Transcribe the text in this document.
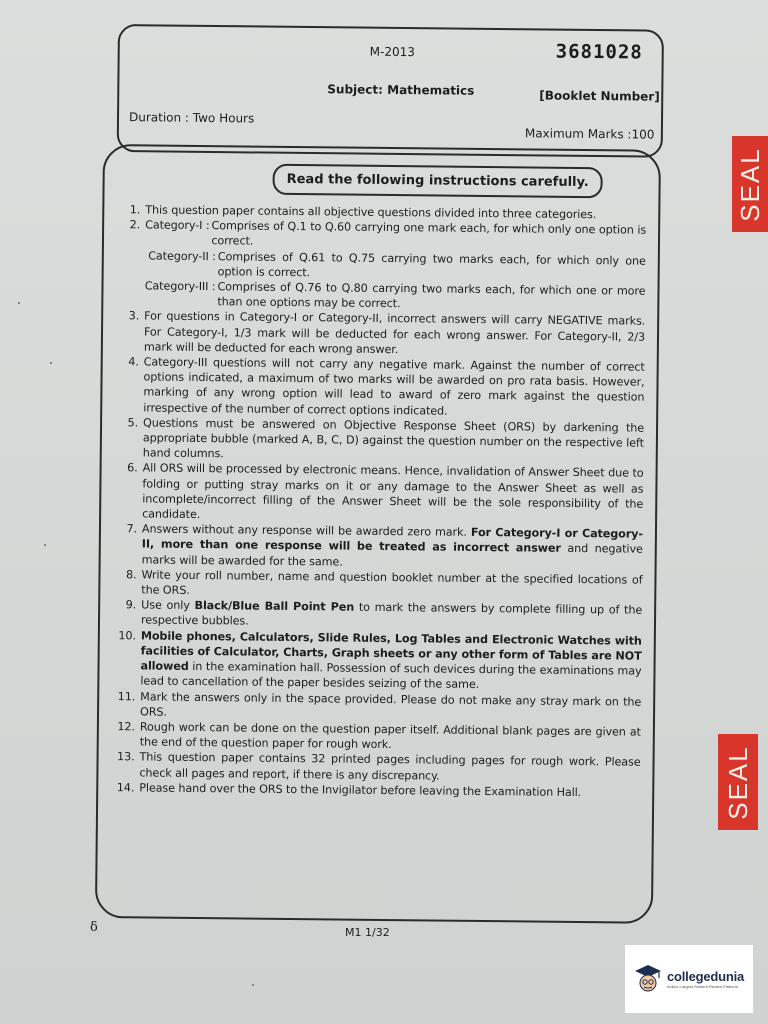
M-2013	3681028
Subject: Mathematics	[Booklet Number]
Duration : Two Hours
Maximum Marks :100
Read the following instructions carefully.
1. This question paper contains all objective questions divided into three categories.
2. Category-I : Comprises of Q.1 to Q.60 carrying one mark each, for which only one option is correct.
Category-II : Comprises of Q.61 to Q.75 carrying two marks each, for which only one option is correct.
Category-III : Comprises of Q.76 to Q.80 carrying two marks each, for which one or more than one options may be correct.
3. For questions in Category-I or Category-II, incorrect answers will carry NEGATIVE marks. For Category-I, 1/3 mark will be deducted for each wrong answer. For Category-II, 2/3 mark will be deducted for each wrong answer.
4. Category-III questions will not carry any negative mark. Against the number of correct options indicated, a maximum of two marks will be awarded on pro rata basis. However, marking of any wrong option will lead to award of zero mark against the question irrespective of the number of correct options indicated.
5. Questions must be answered on Objective Response Sheet (ORS) by darkening the appropriate bubble (marked A, B, C, D) against the question number on the respective left hand columns.
6. All ORS will be processed by electronic means. Hence, invalidation of Answer Sheet due to folding or putting stray marks on it or any damage to the Answer Sheet as well as incomplete/incorrect filling of the Answer Sheet will be the sole responsibility of the candidate.
7. Answers without any response will be awarded zero mark. For Category-I or Category-II, more than one response will be treated as incorrect answer and negative marks will be awarded for the same.
8. Write your roll number, name and question booklet number at the specified locations of the ORS.
9. Use only Black/Blue Ball Point Pen to mark the answers by complete filling up of the respective bubbles.
10. Mobile phones, Calculators, Slide Rules, Log Tables and Electronic Watches with facilities of Calculator, Charts, Graph sheets or any other form of Tables are NOT allowed in the examination hall. Possession of such devices during the examinations may lead to cancellation of the paper besides seizing of the same.
11. Mark the answers only in the space provided. Please do not make any stray mark on the ORS.
12. Rough work can be done on the question paper itself. Additional blank pages are given at the end of the question paper for rough work.
13. This question paper contains 32 printed pages including pages for rough work. Please check all pages and report, if there is any discrepancy.
14. Please hand over the ORS to the Invigilator before leaving the Examination Hall.
δ	M1 1/32
SEAL
SEAL
collegedunia
India's Largest Student Review Platform
